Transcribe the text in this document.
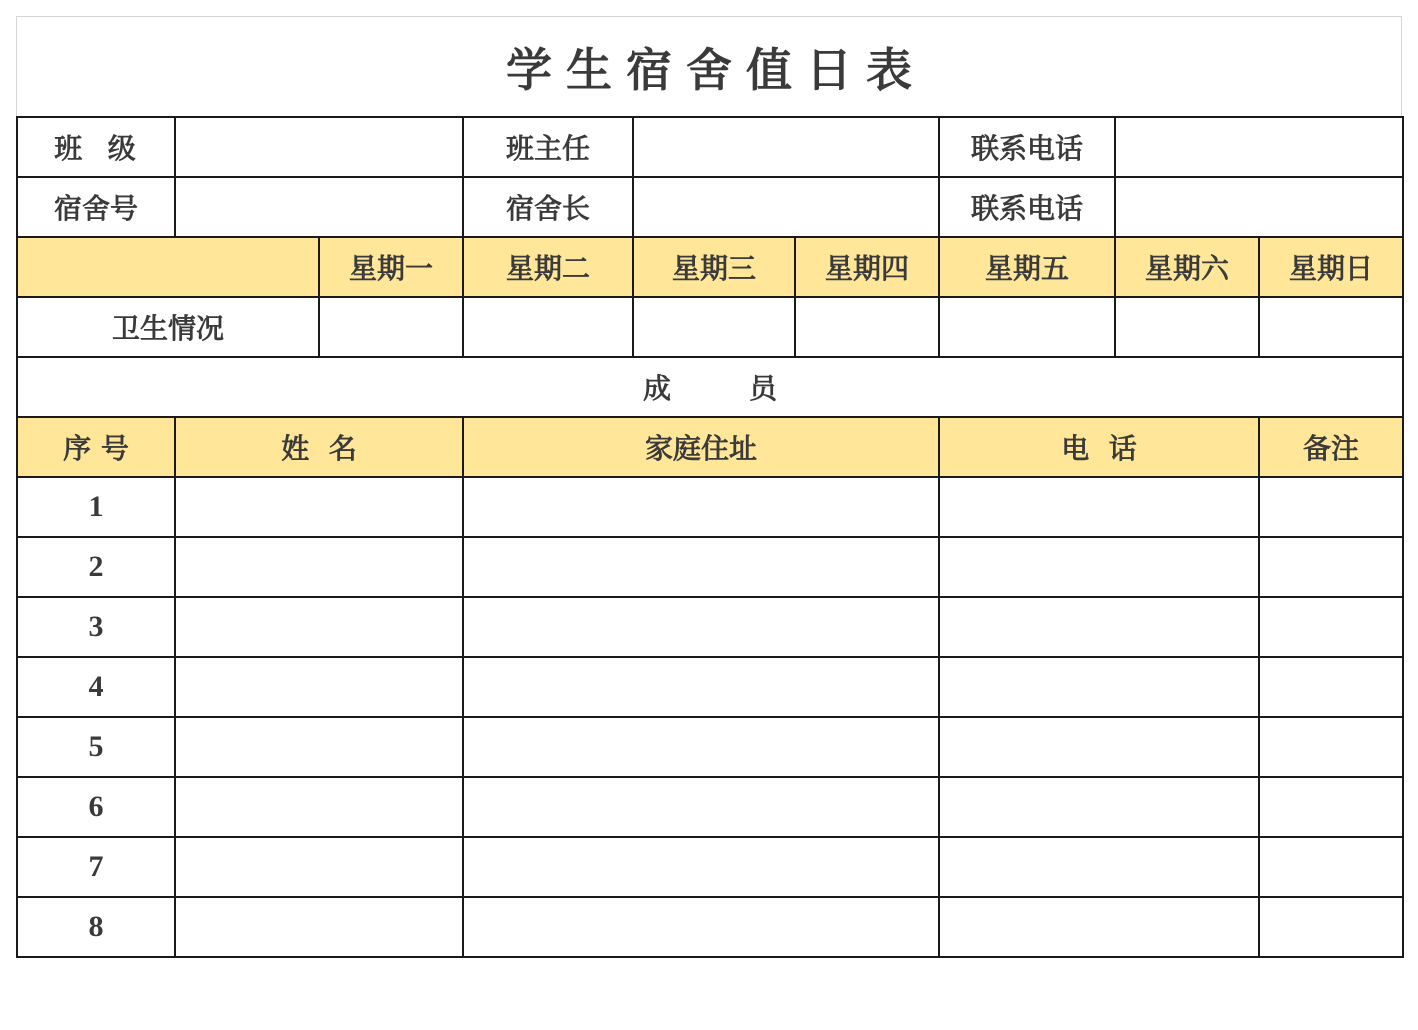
学生宿舍值日表
班  级			班主任			联系电话		
宿舍号			宿舍长			联系电话		
		星期一	星期二	星期三	星期四	星期五	星期六	星期日
卫生情况								
成        员								
序 号	姓  名		家庭住址			电  话		备注
1								
2								
3								
4								
5								
6								
7								
8								
